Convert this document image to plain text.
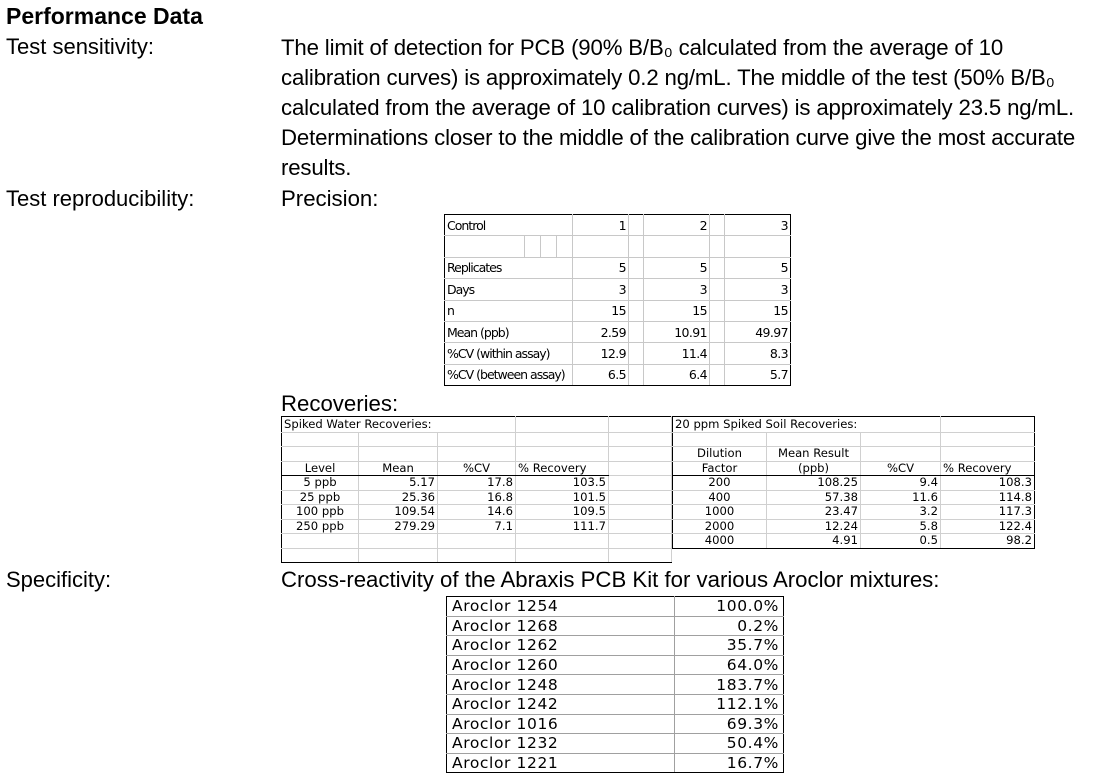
Performance Data
Test sensitivity:	The limit of detection for PCB (90% B/B₀ calculated from the average of 10 calibration curves) is approximately 0.2 ng/mL. The middle of the test (50% B/B₀ calculated from the average of 10 calibration curves) is approximately 23.5 ng/mL. Determinations closer to the middle of the calibration curve give the most accurate results.
Test reproducibility:	Precision:
Control				1		2		3

Replicates				5		5		5
Days				3		3		3
n				15		15		15
Mean (ppb)				2.59		10.91		49.97
%CV (within assay)				12.9		11.4		8.3
%CV (between assay)				6.5		6.4		5.7
Recoveries:
Spiked Water Recoveries:				

Level	Mean	%CV	% Recovery	
5 ppb	5.17	17.8	103.5	
25 ppb	25.36	16.8	101.5	
100 ppb	109.54	14.6	109.5	
250 ppb	279.29	7.1	111.7	

20 ppm Spiked Soil Recoveries:			

Dilution	Mean Result		
Factor	(ppb)	%CV	% Recovery
200	108.25	9.4	108.3
400	57.38	11.6	114.8
1000	23.47	3.2	117.3
2000	12.24	5.8	122.4
4000	4.91	0.5	98.2
Specificity:	Cross-reactivity of the Abraxis PCB Kit for various Aroclor mixtures:
Aroclor 1254	100.0%
Aroclor 1268	0.2%
Aroclor 1262	35.7%
Aroclor 1260	64.0%
Aroclor 1248	183.7%
Aroclor 1242	112.1%
Aroclor 1016	69.3%
Aroclor 1232	50.4%
Aroclor 1221	16.7%
